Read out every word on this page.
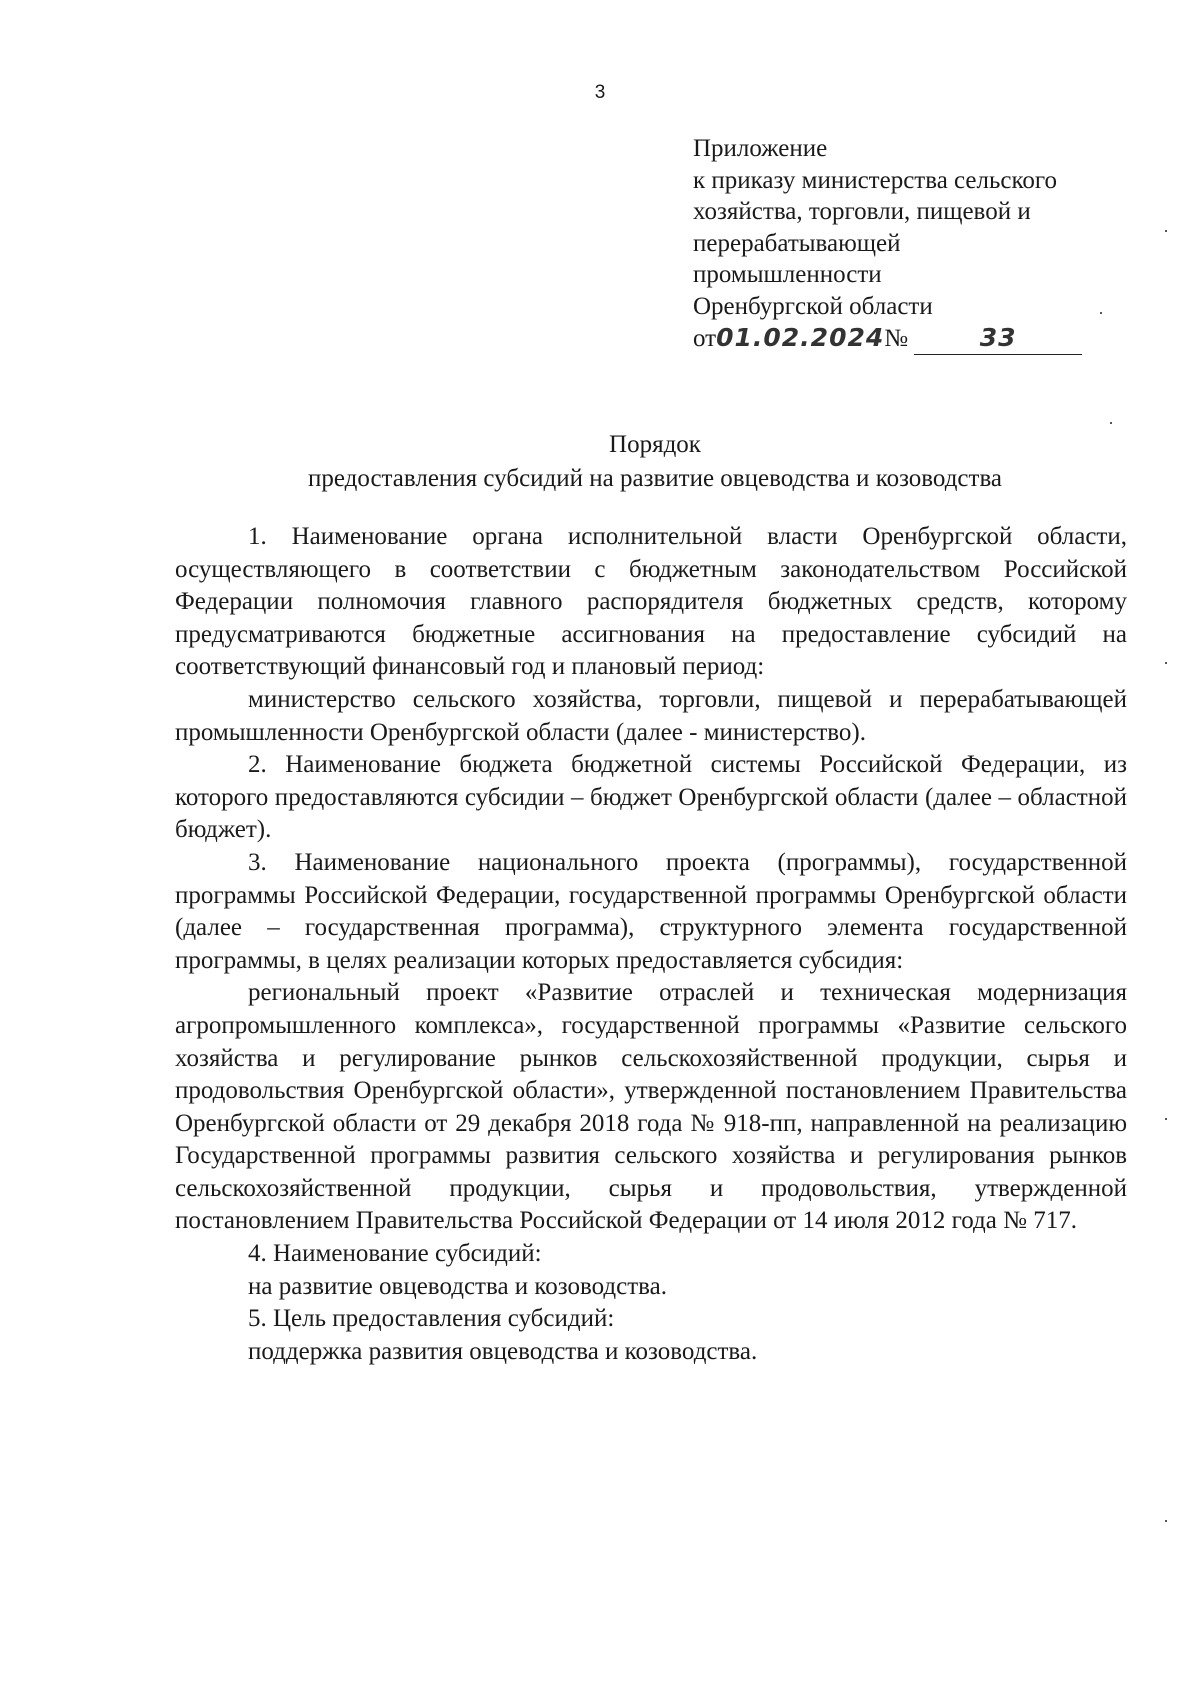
3
Приложение
к приказу министерства сельского
хозяйства, торговли, пищевой и
перерабатывающей
промышленности
Оренбургской области
от01.02.2024№	33
Порядок
предоставления субсидий на развитие овцеводства и козоводства

1. Наименование органа исполнительной власти Оренбургской области, осуществляющего в соответствии с бюджетным законодательством Российской Федерации полномочия главного распорядителя бюджетных средств, которому предусматриваются бюджетные ассигнования на предоставление субсидий на соответствующий финансовый год и плановый период:

министерство сельского хозяйства, торговли, пищевой и перерабатывающей промышленности Оренбургской области (далее - министерство).

2. Наименование бюджета бюджетной системы Российской Федерации, из которого предоставляются субсидии – бюджет Оренбургской области (далее – областной бюджет).

3. Наименование национального проекта (программы), государственной программы Российской Федерации, государственной программы Оренбургской области (далее – государственная программа), структурного элемента государственной программы, в целях реализации которых предоставляется субсидия:

региональный проект «Развитие отраслей и техническая модернизация агропромышленного комплекса», государственной программы «Развитие сельского хозяйства и регулирование рынков сельскохозяйственной продукции, сырья и продовольствия Оренбургской области», утвержденной постановлением Правительства Оренбургской области от 29 декабря 2018 года № 918-пп, направленной на реализацию Государственной программы развития сельского хозяйства и регулирования рынков сельскохозяйственной продукции, сырья и продовольствия, утвержденной постановлением Правительства Российской Федерации от 14 июля 2012 года № 717.

4. Наименование субсидий:

на развитие овцеводства и козоводства.

5. Цель предоставления субсидий:

поддержка развития овцеводства и козоводства.
